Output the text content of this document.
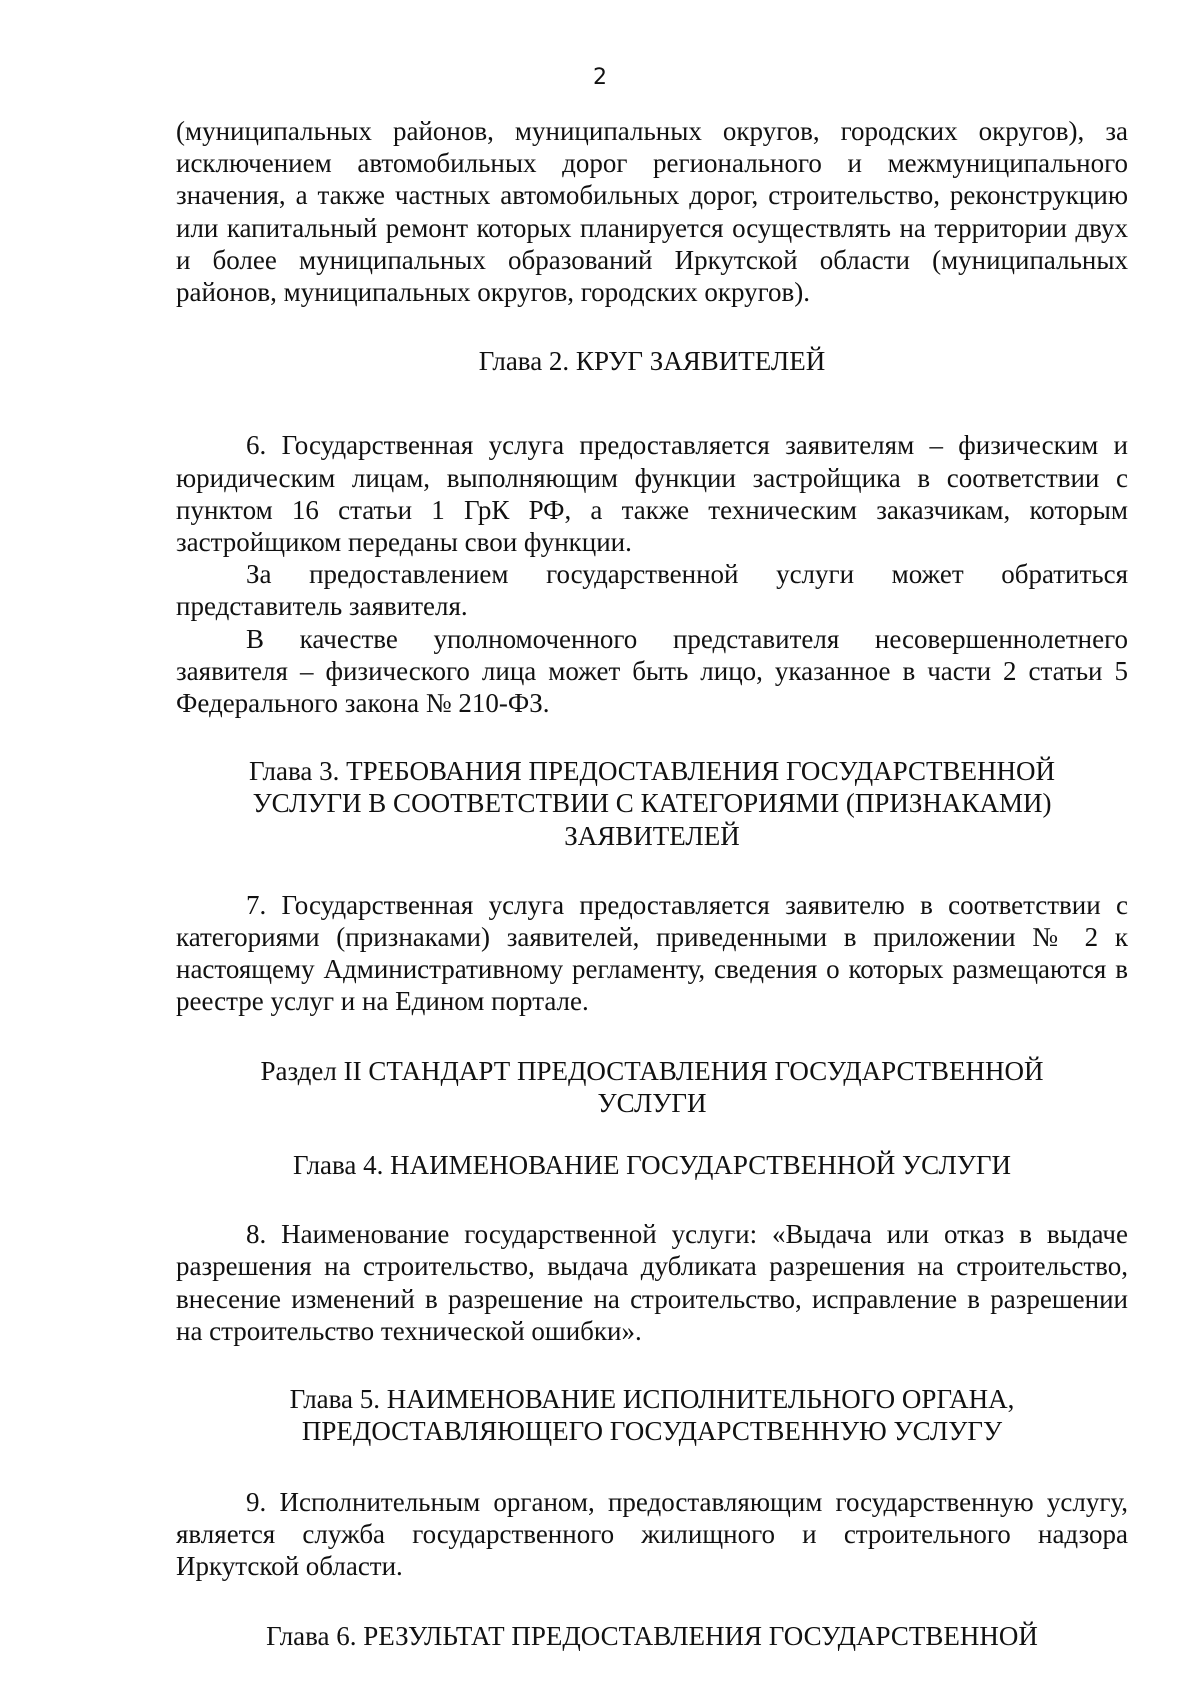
2

(муниципальных районов, муниципальных округов, городских округов), за исключением автомобильных дорог регионального и межмуниципального значения, а также частных автомобильных дорог, строительство, реконструкцию или капитальный ремонт которых планируется осуществлять на территории двух и более муниципальных образований Иркутской области (муниципальных районов, муниципальных округов, городских округов).

Глава 2. КРУГ ЗАЯВИТЕЛЕЙ

6. Государственная услуга предоставляется заявителям – физическим и юридическим лицам, выполняющим функции застройщика в соответствии с пунктом 16 статьи 1 ГрК РФ, а также техническим заказчикам, которым застройщиком переданы свои функции.

За предоставлением государственной услуги может обратиться представитель заявителя.

В качестве уполномоченного представителя несовершеннолетнего заявителя – физического лица может быть лицо, указанное в части 2 статьи 5 Федерального закона № 210-ФЗ.

Глава 3. ТРЕБОВАНИЯ ПРЕДОСТАВЛЕНИЯ ГОСУДАРСТВЕННОЙ
УСЛУГИ В СООТВЕТСТВИИ С КАТЕГОРИЯМИ (ПРИЗНАКАМИ)
ЗАЯВИТЕЛЕЙ

7. Государственная услуга предоставляется заявителю в соответствии с категориями (признаками) заявителей, приведенными в приложении № 2 к настоящему Административному регламенту, сведения о которых размещаются в реестре услуг и на Едином портале.

Раздел II СТАНДАРТ ПРЕДОСТАВЛЕНИЯ ГОСУДАРСТВЕННОЙ
УСЛУГИ
Глава 4. НАИМЕНОВАНИЕ ГОСУДАРСТВЕННОЙ УСЛУГИ

8. Наименование государственной услуги: «Выдача или отказ в выдаче разрешения на строительство, выдача дубликата разрешения на строительство, внесение изменений в разрешение на строительство, исправление в разрешении на строительство технической ошибки».

Глава 5. НАИМЕНОВАНИЕ ИСПОЛНИТЕЛЬНОГО ОРГАНА,
ПРЕДОСТАВЛЯЮЩЕГО ГОСУДАРСТВЕННУЮ УСЛУГУ

9. Исполнительным органом, предоставляющим государственную услугу, является служба государственного жилищного и строительного надзора Иркутской области.

Глава 6. РЕЗУЛЬТАТ ПРЕДОСТАВЛЕНИЯ ГОСУДАРСТВЕННОЙ
